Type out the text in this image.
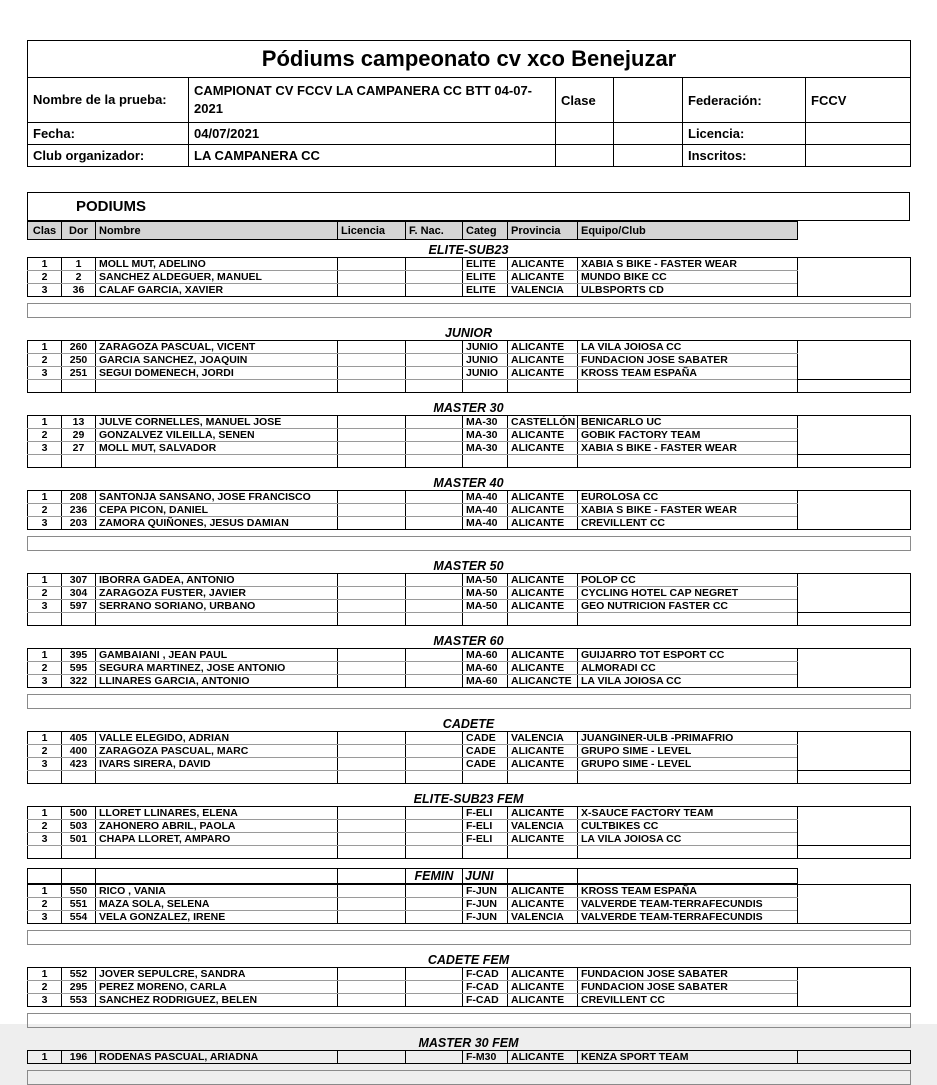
Pódiums campeonato cv xco Benejuzar					
Nombre de la prueba:	CAMPIONAT CV FCCV LA CAMPANERA CC BTT 04-07-2021	Clase		Federación:	FCCV
Fecha:	04/07/2021			Licencia:	
Club organizador:	LA CAMPANERA CC			Inscritos:	
PODIUMS
Clas	Dor	Nombre	Licencia	F. Nac.	Categ	Provincia	Equipo/Club	
ELITE-SUB23
1	1	MOLL MUT, ADELINO			ELITE	ALICANTE	XABIA S BIKE - FASTER WEAR	
2	2	SANCHEZ ALDEGUER, MANUEL			ELITE	ALICANTE	MUNDO BIKE CC	
3	36	CALAF GARCIA, XAVIER			ELITE	VALENCIA	ULBSPORTS CD	
JUNIOR
1	260	ZARAGOZA PASCUAL, VICENT			JUNIO	ALICANTE	LA VILA JOIOSA CC	
2	250	GARCIA SANCHEZ, JOAQUIN			JUNIO	ALICANTE	FUNDACION JOSE SABATER	
3	251	SEGUI DOMENECH, JORDI			JUNIO	ALICANTE	KROSS TEAM ESPAÑA	

MASTER 30
1	13	JULVE CORNELLES, MANUEL JOSE			MA-30	CASTELLÓN	BENICARLO UC	
2	29	GONZALVEZ VILEILLA, SENEN			MA-30	ALICANTE	GOBIK FACTORY TEAM	
3	27	MOLL MUT, SALVADOR			MA-30	ALICANTE	XABIA S BIKE - FASTER WEAR	

MASTER 40
1	208	SANTONJA SANSANO, JOSE FRANCISCO			MA-40	ALICANTE	EUROLOSA CC	
2	236	CEPA PICON, DANIEL			MA-40	ALICANTE	XABIA S BIKE - FASTER WEAR	
3	203	ZAMORA QUIÑONES, JESUS DAMIAN			MA-40	ALICANTE	CREVILLENT CC	
MASTER 50
1	307	IBORRA GADEA, ANTONIO			MA-50	ALICANTE	POLOP CC	
2	304	ZARAGOZA FUSTER, JAVIER			MA-50	ALICANTE	CYCLING HOTEL CAP NEGRET	
3	597	SERRANO SORIANO, URBANO			MA-50	ALICANTE	GEO NUTRICION FASTER CC	

MASTER 60
1	395	GAMBAIANI , JEAN PAUL			MA-60	ALICANTE	GUIJARRO TOT ESPORT CC	
2	595	SEGURA MARTINEZ, JOSE ANTONIO			MA-60	ALICANTE	ALMORADI CC	
3	322	LLINARES GARCIA, ANTONIO			MA-60	ALICANCTE	LA VILA JOIOSA CC	
CADETE
1	405	VALLE ELEGIDO, ADRIAN			CADE	VALENCIA	JUANGINER-ULB -PRIMAFRIO	
2	400	ZARAGOZA PASCUAL, MARC			CADE	ALICANTE	GRUPO SIME - LEVEL	
3	423	IVARS SIRERA, DAVID			CADE	ALICANTE	GRUPO SIME - LEVEL	

ELITE-SUB23 FEM
1	500	LLORET LLINARES, ELENA			F-ELI	ALICANTE	X-SAUCE FACTORY TEAM	
2	503	ZAHONERO ABRIL, PAOLA			F-ELI	VALENCIA	CULTBIKES CC	
3	501	CHAPA LLORET, AMPARO			F-ELI	ALICANTE	LA VILA JOIOSA CC	

				FEMIN	JUNI			
1	550	RICO , VANIA			F-JUN	ALICANTE	KROSS TEAM ESPAÑA	
2	551	MAZA SOLA, SELENA			F-JUN	ALICANTE	VALVERDE TEAM-TERRAFECUNDIS	
3	554	VELA GONZALEZ, IRENE			F-JUN	VALENCIA	VALVERDE TEAM-TERRAFECUNDIS	
CADETE FEM
1	552	JOVER SEPULCRE, SANDRA			F-CAD	ALICANTE	FUNDACION JOSE SABATER	
2	295	PEREZ MORENO, CARLA			F-CAD	ALICANTE	FUNDACION JOSE SABATER	
3	553	SANCHEZ RODRIGUEZ, BELEN			F-CAD	ALICANTE	CREVILLENT CC	
MASTER 30 FEM
1	196	RODENAS PASCUAL, ARIADNA			F-M30	ALICANTE	KENZA SPORT TEAM	
